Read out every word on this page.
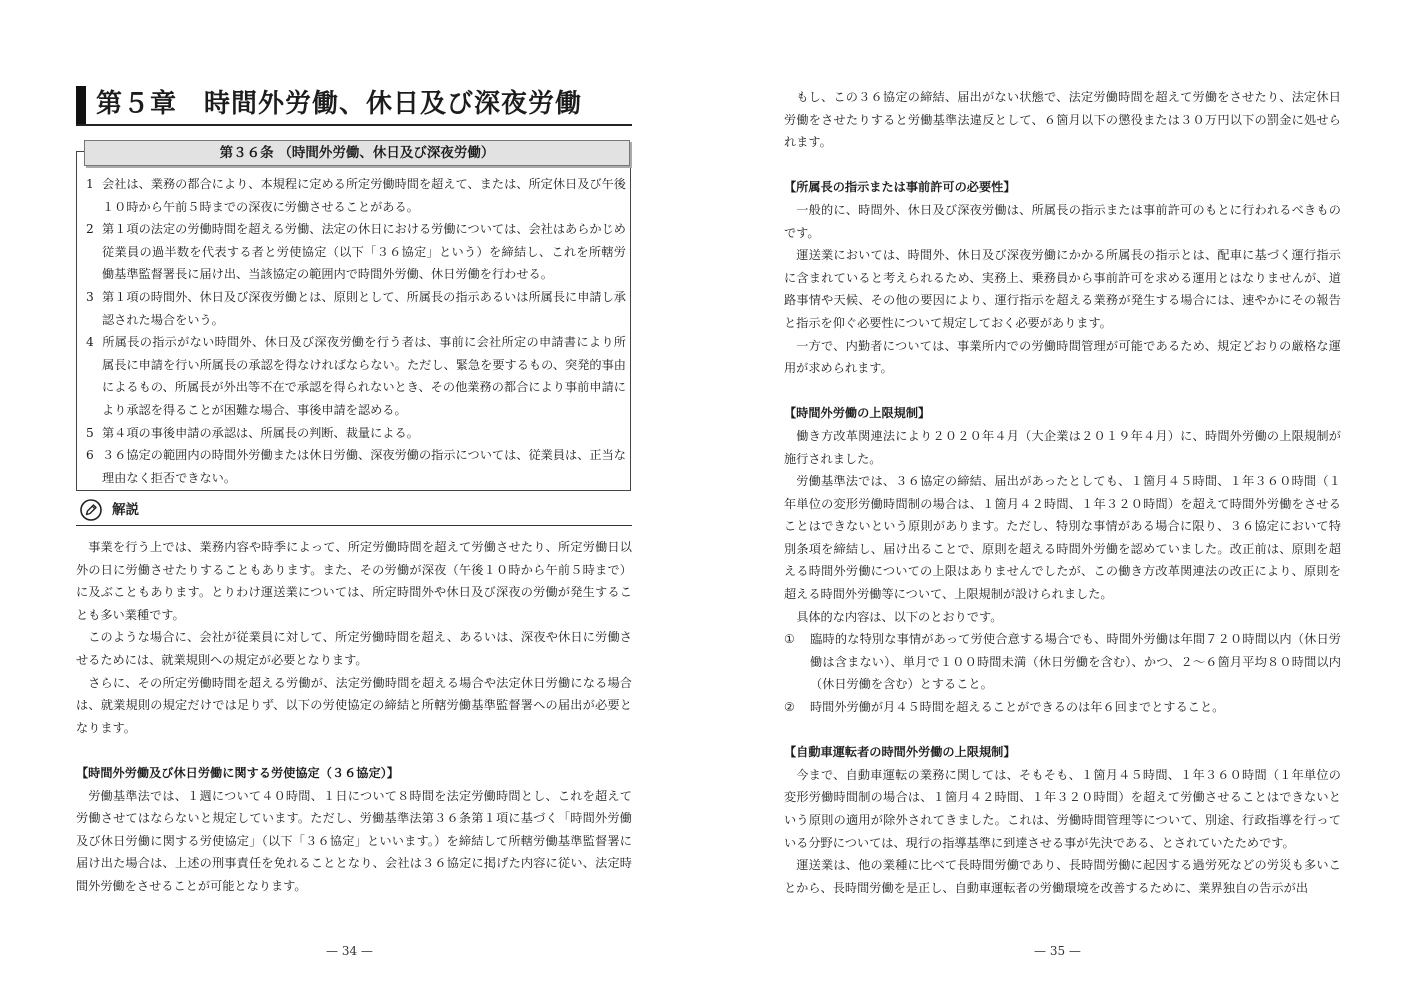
第５章　時間外労働、休日及び深夜労働
第３６条 （時間外労働、休日及び深夜労働）
1 会社は、業務の都合により、本規程に定める所定労働時間を超えて、または、所定休日及び午後１０時から午前５時までの深夜に労働させることがある。
2 第１項の法定の労働時間を超える労働、法定の休日における労働については、会社はあらかじめ従業員の過半数を代表する者と労使協定（以下「３６協定」という）を締結し、これを所轄労働基準監督署長に届け出、当該協定の範囲内で時間外労働、休日労働を行わせる。
3 第１項の時間外、休日及び深夜労働とは、原則として、所属長の指示あるいは所属長に申請し承認された場合をいう。
4 所属長の指示がない時間外、休日及び深夜労働を行う者は、事前に会社所定の申請書により所属長に申請を行い所属長の承認を得なければならない。ただし、緊急を要するもの、突発的事由によるもの、所属長が外出等不在で承認を得られないとき、その他業務の都合により事前申請により承認を得ることが困難な場合、事後申請を認める。
5 第４項の事後申請の承認は、所属長の判断、裁量による。
6 ３６協定の範囲内の時間外労働または休日労働、深夜労働の指示については、従業員は、正当な理由なく拒否できない。
解説

事業を行う上では、業務内容や時季によって、所定労働時間を超えて労働させたり、所定労働日以外の日に労働させたりすることもあります。また、その労働が深夜（午後１０時から午前５時まで）に及ぶこともあります。とりわけ運送業については、所定時間外や休日及び深夜の労働が発生することも多い業種です。

このような場合に、会社が従業員に対して、所定労働時間を超え、あるいは、深夜や休日に労働させるためには、就業規則への規定が必要となります。

さらに、その所定労働時間を超える労働が、法定労働時間を超える場合や法定休日労働になる場合は、就業規則の規定だけでは足りず、以下の労使協定の締結と所轄労働基準監督署への届出が必要となります。

【時間外労働及び休日労働に関する労使協定（３６協定）】

労働基準法では、１週について４０時間、１日について８時間を法定労働時間とし、これを超えて労働させてはならないと規定しています。ただし、労働基準法第３６条第１項に基づく「時間外労働及び休日労働に関する労使協定」（以下「３６協定」といいます。）を締結して所轄労働基準監督署に届け出た場合は、上述の刑事責任を免れることとなり、会社は３６協定に掲げた内容に従い、法定時間外労働をさせることが可能となります。

— 34 —

もし、この３６協定の締結、届出がない状態で、法定労働時間を超えて労働をさせたり、法定休日労働をさせたりすると労働基準法違反として、６箇月以下の懲役または３０万円以下の罰金に処せられます。

【所属長の指示または事前許可の必要性】

一般的に、時間外、休日及び深夜労働は、所属長の指示または事前許可のもとに行われるべきものです。

運送業においては、時間外、休日及び深夜労働にかかる所属長の指示とは、配車に基づく運行指示に含まれていると考えられるため、実務上、乗務員から事前許可を求める運用とはなりませんが、道路事情や天候、その他の要因により、運行指示を超える業務が発生する場合には、速やかにその報告と指示を仰ぐ必要性について規定しておく必要があります。

一方で、内勤者については、事業所内での労働時間管理が可能であるため、規定どおりの厳格な運用が求められます。

【時間外労働の上限規制】

働き方改革関連法により２０２０年４月（大企業は２０１９年４月）に、時間外労働の上限規制が施行されました。

労働基準法では、３６協定の締結、届出があったとしても、１箇月４５時間、１年３６０時間（１年単位の変形労働時間制の場合は、１箇月４２時間、１年３２０時間）を超えて時間外労働をさせることはできないという原則があります。ただし、特別な事情がある場合に限り、３６協定において特別条項を締結し、届け出ることで、原則を超える時間外労働を認めていました。改正前は、原則を超える時間外労働についての上限はありませんでしたが、この働き方改革関連法の改正により、原則を超える時間外労働等について、上限規制が設けられました。

具体的な内容は、以下のとおりです。

① 臨時的な特別な事情があって労使合意する場合でも、時間外労働は年間７２０時間以内（休日労働は含まない）、単月で１００時間未満（休日労働を含む）、かつ、２～６箇月平均８０時間以内（休日労働を含む）とすること。
② 時間外労働が月４５時間を超えることができるのは年６回までとすること。
【自動車運転者の時間外労働の上限規制】

今まで、自動車運転の業務に関しては、そもそも、１箇月４５時間、１年３６０時間（１年単位の変形労働時間制の場合は、１箇月４２時間、１年３２０時間）を超えて労働させることはできないという原則の適用が除外されてきました。これは、労働時間管理等について、別途、行政指導を行っている分野については、現行の指導基準に到達させる事が先決である、とされていたためです。

運送業は、他の業種に比べて長時間労働であり、長時間労働に起因する過労死などの労災も多いことから、長時間労働を是正し、自動車運転者の労働環境を改善するために、業界独自の告示が出

— 35 —
